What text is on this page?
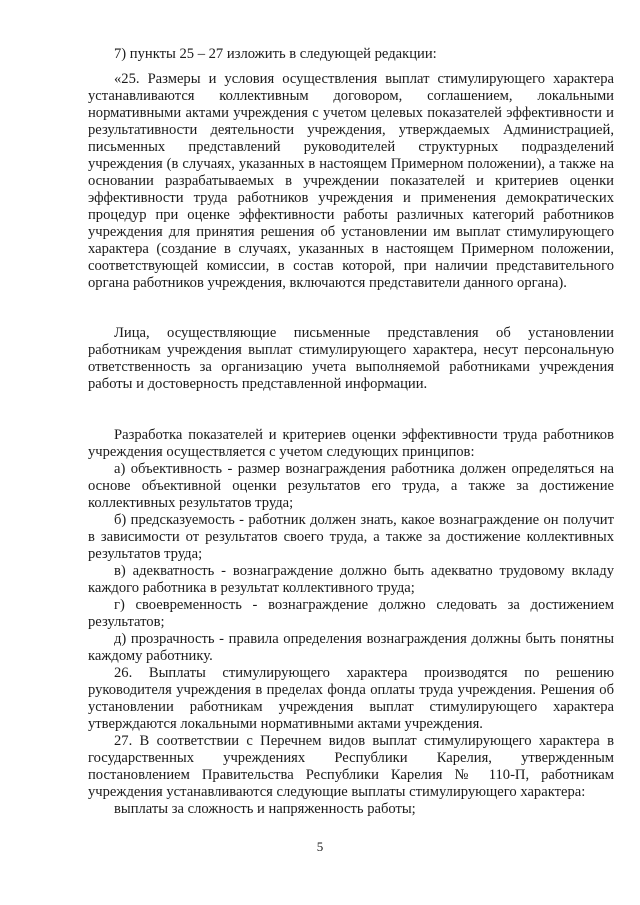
7) пункты 25 – 27 изложить в следующей редакции:

«25. Размеры и условия осуществления выплат стимулирующего характера устанавливаются коллективным договором, соглашением, локальными нормативными актами учреждения с учетом целевых показателей эффективности и результативности деятельности учреждения, утверждаемых Администрацией, письменных представлений руководителей структурных подразделений учреждения (в случаях, указанных в настоящем Примерном положении), а также на основании разрабатываемых в учреждении показателей и критериев оценки эффективности труда работников учреждения и применения демократических процедур при оценке эффективности работы различных категорий работников учреждения для принятия решения об установлении им выплат стимулирующего характера (создание в случаях, указанных в настоящем Примерном положении, соответствующей комиссии, в состав которой, при наличии представительного органа работников учреждения, включаются представители данного органа).

Лица, осуществляющие письменные представления об установлении работникам учреждения выплат стимулирующего характера, несут персональную ответственность за организацию учета выполняемой работниками учреждения работы и достоверность представленной информации.

Разработка показателей и критериев оценки эффективности труда работников учреждения осуществляется с учетом следующих принципов:

а) объективность - размер вознаграждения работника должен определяться на основе объективной оценки результатов его труда, а также за достижение коллективных результатов труда;

б) предсказуемость - работник должен знать, какое вознаграждение он получит в зависимости от результатов своего труда, а также за достижение коллективных результатов труда;

в) адекватность - вознаграждение должно быть адекватно трудовому вкладу каждого работника в результат коллективного труда;

г) своевременность - вознаграждение должно следовать за достижением результатов;

д) прозрачность - правила определения вознаграждения должны быть понятны каждому работнику.

26. Выплаты стимулирующего характера производятся по решению руководителя учреждения в пределах фонда оплаты труда учреждения. Решения об установлении работникам учреждения выплат стимулирующего характера утверждаются локальными нормативными актами учреждения.

27. В соответствии с Перечнем видов выплат стимулирующего характера в государственных учреждениях Республики Карелия, утвержденным постановлением Правительства Республики Карелия № 110-П, работникам учреждения устанавливаются следующие выплаты стимулирующего характера:

выплаты за сложность и напряженность работы;

5
